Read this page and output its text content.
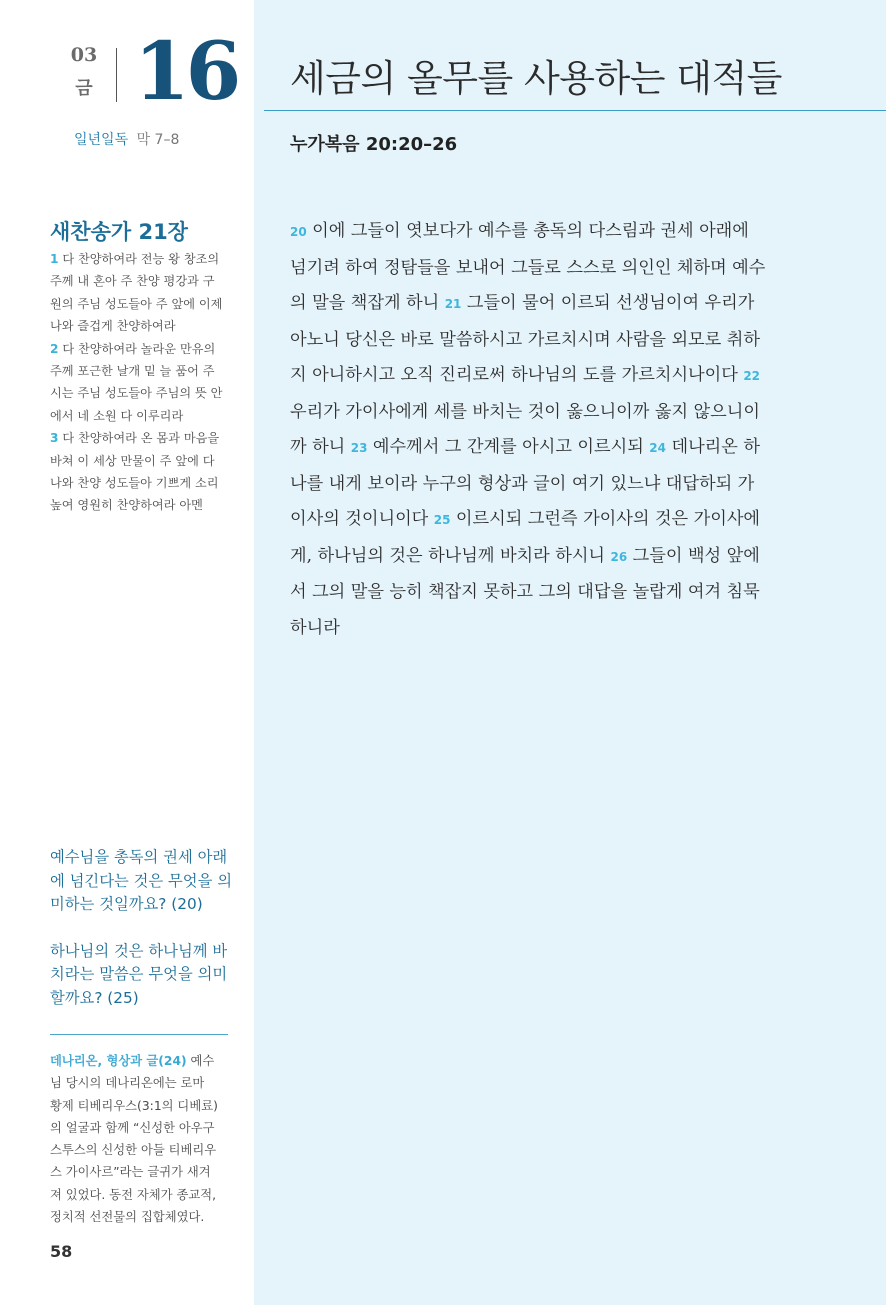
03
금 16
일년일독 막 7–8
세금의 올무를 사용하는 대적들
누가복음 20:20–26
새찬송가 21장
1 다 찬양하여라 전능 왕 창조의
주께 내 혼아 주 찬양 평강과 구
원의 주님 성도들아 주 앞에 이제
나와 즐겁게 찬양하여라
2 다 찬양하여라 놀라운 만유의
주께 포근한 날개 밑 늘 품어 주
시는 주님 성도들아 주님의 뜻 안
에서 네 소원 다 이루리라
3 다 찬양하여라 온 몸과 마음을
바쳐 이 세상 만물이 주 앞에 다
나와 찬양 성도들아 기쁘게 소리
높여 영원히 찬양하여라 아멘
20 이에 그들이 엿보다가 예수를 총독의 다스림과 권세 아래에
넘기려 하여 정탐들을 보내어 그들로 스스로 의인인 체하며 예수
의 말을 책잡게 하니 21 그들이 물어 이르되 선생님이여 우리가
아노니 당신은 바로 말씀하시고 가르치시며 사람을 외모로 취하
지 아니하시고 오직 진리로써 하나님의 도를 가르치시나이다 22
우리가 가이사에게 세를 바치는 것이 옳으니이까 옳지 않으니이
까 하니 23 예수께서 그 간계를 아시고 이르시되 24 데나리온 하
나를 내게 보이라 누구의 형상과 글이 여기 있느냐 대답하되 가
이사의 것이니이다 25 이르시되 그런즉 가이사의 것은 가이사에
게, 하나님의 것은 하나님께 바치라 하시니 26 그들이 백성 앞에
서 그의 말을 능히 책잡지 못하고 그의 대답을 놀랍게 여겨 침묵
하니라
예수님을 총독의 권세 아래
에 넘긴다는 것은 무엇을 의
미하는 것일까요? (20)
하나님의 것은 하나님께 바
치라는 말씀은 무엇을 의미
할까요? (25)
데나리온, 형상과 글(24) 예수
님 당시의 데나리온에는 로마
황제 티베리우스(3:1의 디베료)
의 얼굴과 함께 “신성한 아우구
스투스의 신성한 아들 티베리우
스 가이사르”라는 글귀가 새겨
져 있었다. 동전 자체가 종교적,
정치적 선전물의 집합체였다.
58
